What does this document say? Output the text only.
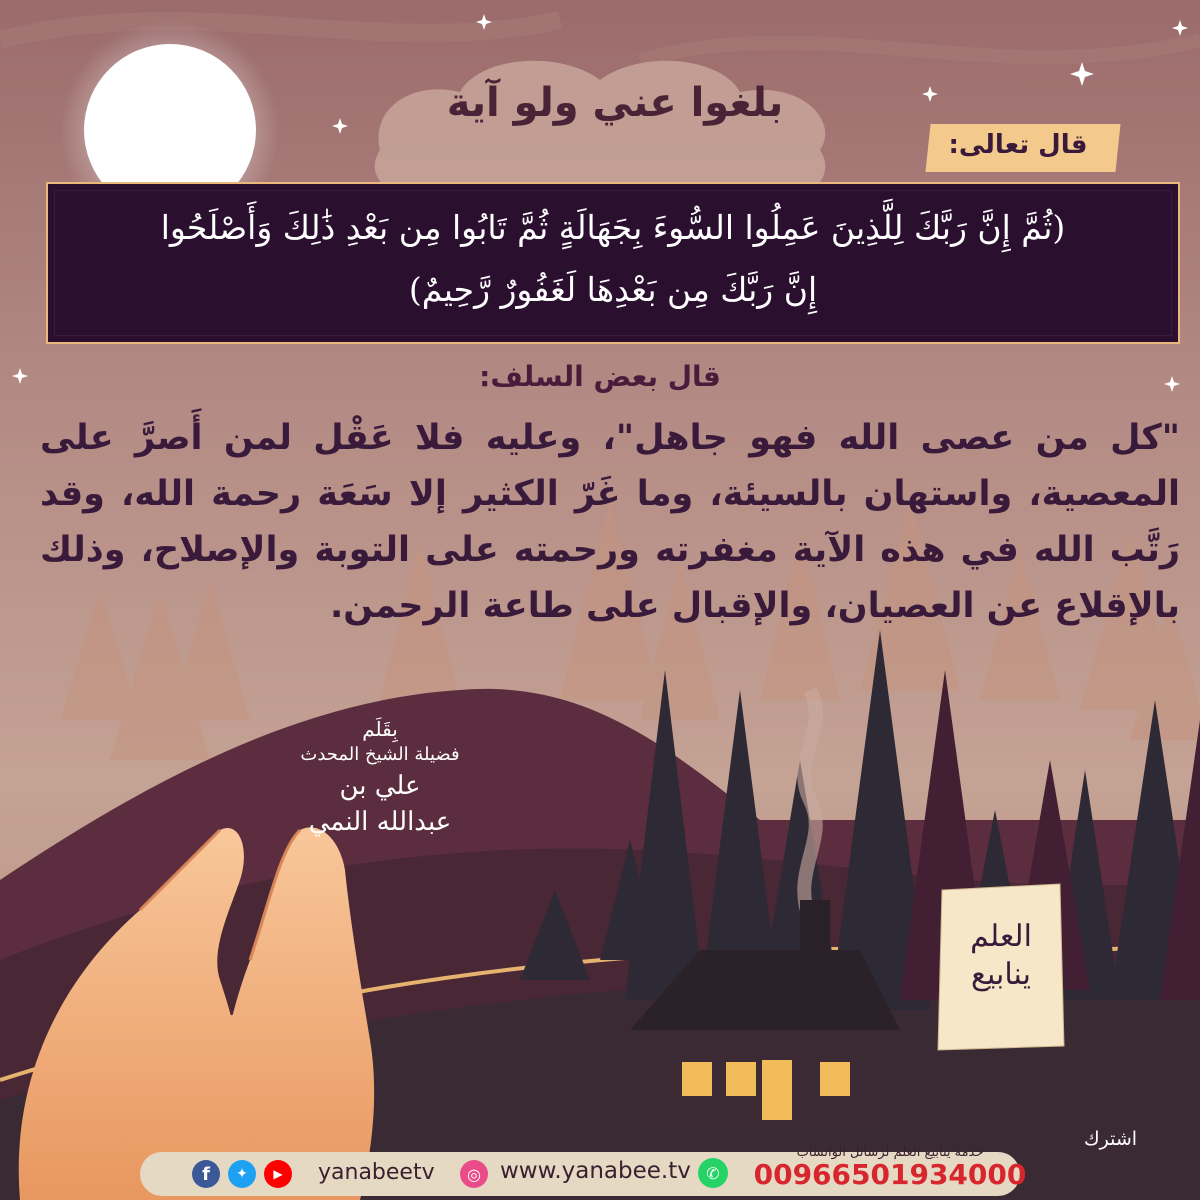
بلغوا عني ولو آية
قال تعالى:
(ثُمَّ إِنَّ رَبَّكَ لِلَّذِينَ عَمِلُوا السُّوءَ بِجَهَالَةٍ ثُمَّ تَابُوا مِن بَعْدِ ذَٰلِكَ وَأَصْلَحُوا
إِنَّ رَبَّكَ مِن بَعْدِهَا لَغَفُورٌ رَّحِيمٌ)
قال بعض السلف:
"كل من عصى الله فهو جاهل"، وعليه فلا عَقْل لمن أَصرَّ على المعصية، واستهان بالسيئة، وما غَرّ الكثير إلا سَعَة رحمة الله، وقد رَتَّب الله في هذه الآية مغفرته ورحمته على التوبة والإصلاح، وذلك بالإقلاع عن العصيان، والإقبال على طاعة الرحمن.
بِقَلَم
فضيلة الشيخ المحدث
علي بن عبدالله النمي
العلم
ينابيع
f	✦	▶	yanabeetv	◎ www.yanabee.tv ✆
خدمة ينابيع العلم لرسائل الواتساب
00966501934000
اشترك
